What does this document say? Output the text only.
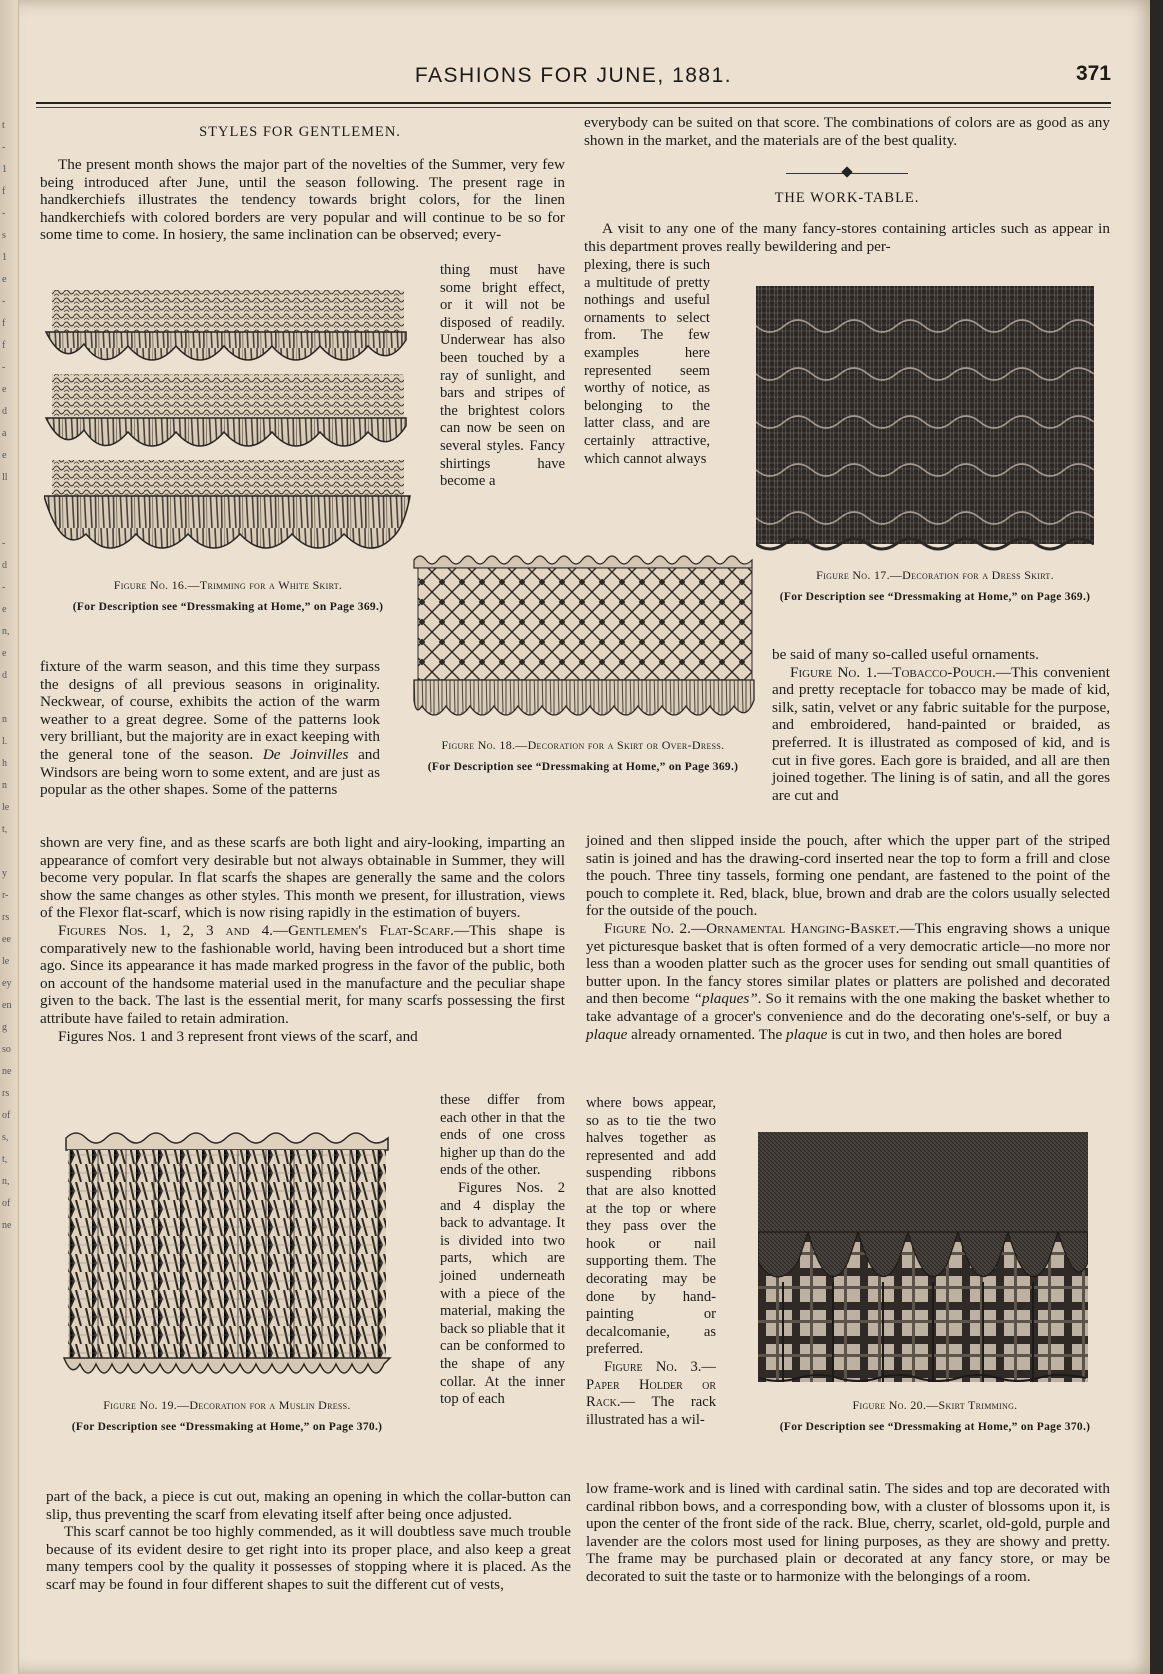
t
-
1
f
-
s
1
e
-
f
f
-
e
d
a
e
ll
-
d
-
e
n,
e
d
n
l.
h
n
le
t,
y
r-
rs
ee
le
ey
en
g
so
ne
rs
of
s,
t,
n,
of
ne
FASHIONS FOR JUNE, 1881.	371
STYLES FOR GENTLEMEN.

The present month shows the major part of the novelties of the Summer, very few being introduced after June, until the season following. The present rage in handkerchiefs illustrates the tendency towards bright colors, for the linen handkerchiefs with colored borders are very popular and will continue to be so for some time to come. In hosiery, the same inclination can be observed; every-

thing must have some bright effect, or it will not be disposed of readily. Underwear has also been touched by a ray of sunlight, and bars and stripes of the brightest colors can now be seen on several styles. Fancy shirtings have become a

Figure No. 16.—Trimming for a White Skirt.
(For Description see “Dressmaking at Home,” on Page 369.)

fixture of the warm season, and this time they surpass the designs of all previous seasons in originality. Neckwear, of course, exhibits the action of the warm weather to a great degree. Some of the patterns look very brilliant, but the majority are in exact keeping with the general tone of the season. De Joinvilles and Windsors are being worn to some extent, and are just as popular as the other shapes. Some of the patterns

shown are very fine, and as these scarfs are both light and airy-looking, imparting an appearance of comfort very desirable but not always obtainable in Summer, they will become very popular. In flat scarfs the shapes are generally the same and the colors show the same changes as other styles. This month we present, for illustration, views of the Flexor flat-scarf, which is now rising rapidly in the estimation of buyers.

Figures Nos. 1, 2, 3 and 4.—Gentlemen's Flat-Scarf.—This shape is comparatively new to the fashionable world, having been introduced but a short time ago. Since its appearance it has made marked progress in the favor of the public, both on account of the handsome material used in the manufacture and the peculiar shape given to the back. The last is the essential merit, for many scarfs possessing the first attribute have failed to retain admiration.

Figures Nos. 1 and 3 represent front views of the scarf, and

these differ from each other in that the ends of one cross higher up than do the ends of the other.

Figures Nos. 2 and 4 display the back to advantage. It is divided into two parts, which are joined underneath with a piece of the material, making the back so pliable that it can be conformed to the shape of any collar. At the inner top of each

Figure No. 19.—Decoration for a Muslin Dress.
(For Description see “Dressmaking at Home,” on Page 370.)

part of the back, a piece is cut out, making an opening in which the collar-button can slip, thus preventing the scarf from elevating itself after being once adjusted.

This scarf cannot be too highly commended, as it will doubtless save much trouble because of its evident desire to get right into its proper place, and also keep a great many tempers cool by the quality it possesses of stopping where it is placed. As the scarf may be found in four different shapes to suit the different cut of vests,

everybody can be suited on that score. The combinations of colors are as good as any shown in the market, and the materials are of the best quality.

THE WORK-TABLE.

A visit to any one of the many fancy-stores containing articles such as appear in this department proves really bewildering and per-

plexing, there is such a multitude of pretty nothings and useful ornaments to select from. The few examples here represented seem worthy of notice, as belonging to the latter class, and are certainly attractive, which cannot always

Figure No. 17.—Decoration for a Dress Skirt.
(For Description see “Dressmaking at Home,” on Page 369.)
Figure No. 18.—Decoration for a Skirt or Over-Dress.
(For Description see “Dressmaking at Home,” on Page 369.)

be said of many so-called useful ornaments.

Figure No. 1.—Tobacco-Pouch.—This convenient and pretty receptacle for tobacco may be made of kid, silk, satin, velvet or any fabric suitable for the purpose, and embroidered, hand-painted or braided, as preferred. It is illustrated as composed of kid, and is cut in five gores. Each gore is braided, and all are then joined together. The lining is of satin, and all the gores are cut and

joined and then slipped inside the pouch, after which the upper part of the striped satin is joined and has the drawing-cord inserted near the top to form a frill and close the pouch. Three tiny tassels, forming one pendant, are fastened to the point of the pouch to complete it. Red, black, blue, brown and drab are the colors usually selected for the outside of the pouch.

Figure No. 2.—Ornamental Hanging-Basket.—This engraving shows a unique yet picturesque basket that is often formed of a very democratic article—no more nor less than a wooden platter such as the grocer uses for sending out small quantities of butter upon. In the fancy stores similar plates or platters are polished and decorated and then become “plaques”. So it remains with the one making the basket whether to take advantage of a grocer's convenience and do the decorating one's-self, or buy a plaque already ornamented. The plaque is cut in two, and then holes are bored

where bows appear, so as to tie the two halves together as represented and add suspending ribbons that are also knotted at the top or where they pass over the hook or nail supporting them. The decorating may be done by hand-painting or decalcomanie, as preferred.

Figure No. 3.—Paper Holder or Rack.— The rack illustrated has a wil-

Figure No. 20.—Skirt Trimming.
(For Description see “Dressmaking at Home,” on Page 370.)

low frame-work and is lined with cardinal satin. The sides and top are decorated with cardinal ribbon bows, and a corresponding bow, with a cluster of blossoms upon it, is upon the center of the front side of the rack. Blue, cherry, scarlet, old-gold, purple and lavender are the colors most used for lining purposes, as they are showy and pretty. The frame may be purchased plain or decorated at any fancy store, or may be decorated to suit the taste or to harmonize with the belongings of a room.
